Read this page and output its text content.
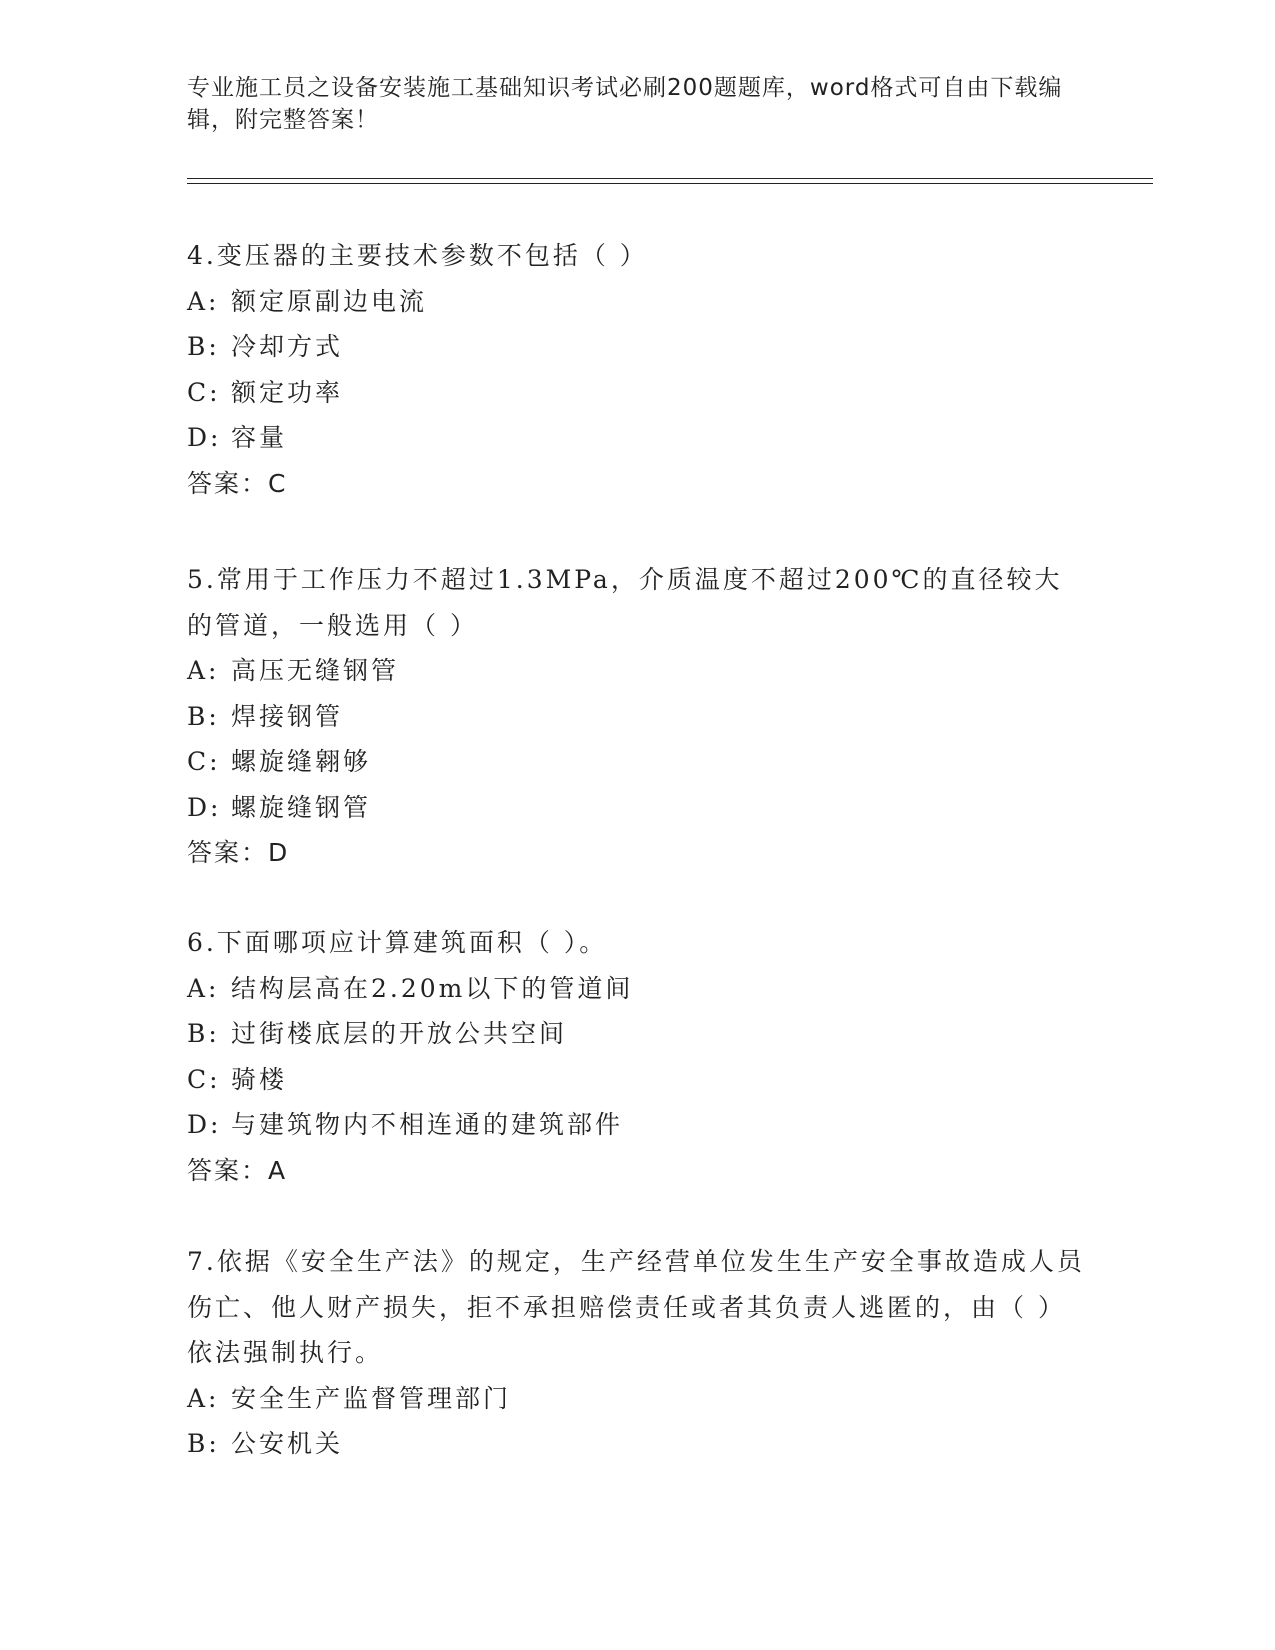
专业施工员之设备安装施工基础知识考试必刷200题题库，word格式可自由下载编辑，附完整答案！

4.变压器的主要技术参数不包括（ ）

A: 额定原副边电流

B: 冷却方式

C: 额定功率

D: 容量

答案：C

5.常用于工作压力不超过1.3MPa，介质温度不超过200℃的直径较大的管道，一般选用（ ）

A: 高压无缝钢管

B: 焊接钢管

C: 螺旋缝翱够

D: 螺旋缝钢管

答案：D

6.下面哪项应计算建筑面积（ ）。

A: 结构层高在2.20m以下的管道间

B: 过街楼底层的开放公共空间

C: 骑楼

D: 与建筑物内不相连通的建筑部件

答案：A

7.依据《安全生产法》的规定，生产经营单位发生生产安全事故造成人员伤亡、他人财产损失，拒不承担赔偿责任或者其负责人逃匿的，由（ ）依法强制执行。

A: 安全生产监督管理部门

B: 公安机关
